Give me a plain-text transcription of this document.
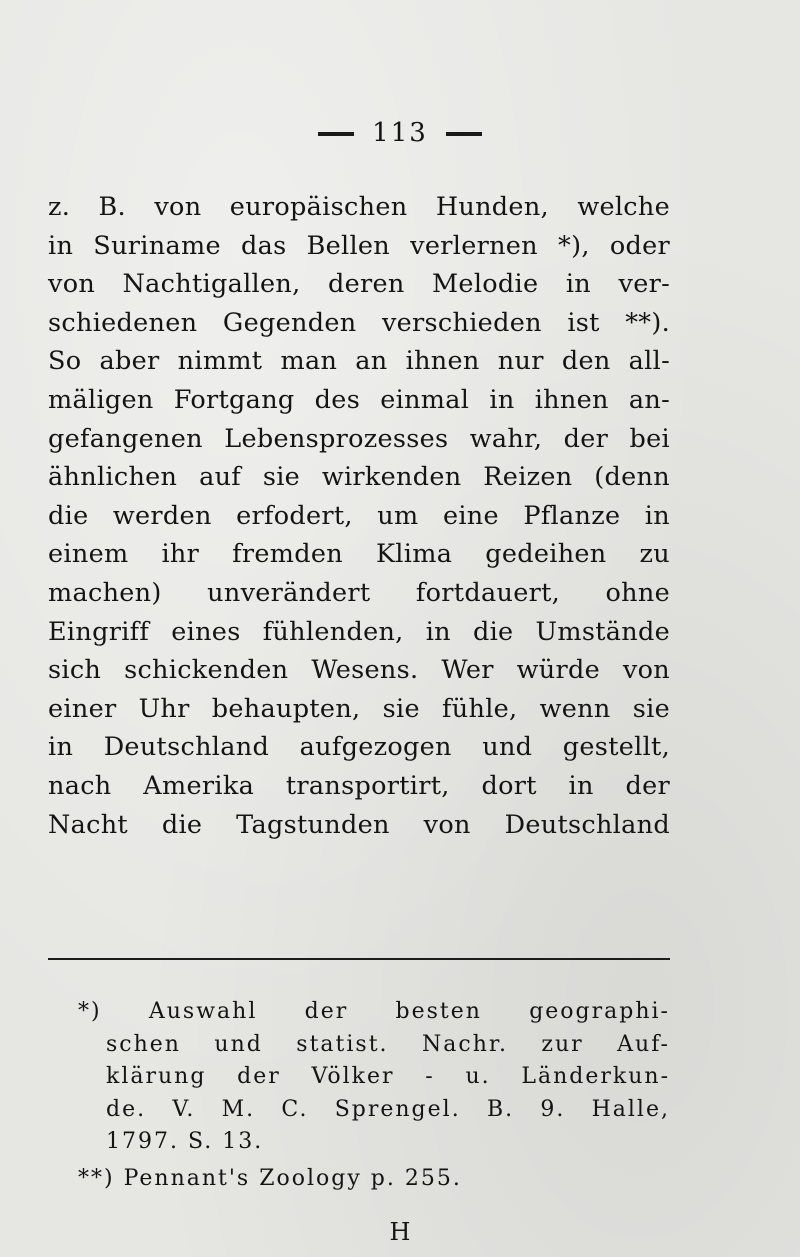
113
z. B. von europäischen Hunden, welche
in Suriname das Bellen verlernen *), oder
von Nachtigallen, deren Melodie in ver-
schiedenen Gegenden verschieden ist **).
So aber nimmt man an ihnen nur den all-
mäligen Fortgang des einmal in ihnen an-
gefangenen Lebensprozesses wahr, der bei
ähnlichen auf sie wirkenden Reizen (denn
die werden erfodert, um eine Pflanze in
einem ihr fremden Klima gedeihen zu
machen) unverändert fortdauert, ohne
Eingriff eines fühlenden, in die Umstände
sich schickenden Wesens. Wer würde von
einer Uhr behaupten, sie fühle, wenn sie
in Deutschland aufgezogen und gestellt,
nach Amerika transportirt, dort in der
Nacht die Tagstunden von Deutschland
*) Auswahl der besten geographi-
schen und statist. Nachr. zur Auf-
klärung der Völker - u. Länderkun-
de. V. M. C. Sprengel. B. 9. Halle,
1797. S. 13.
**) Pennant's Zoology p. 255.
H
